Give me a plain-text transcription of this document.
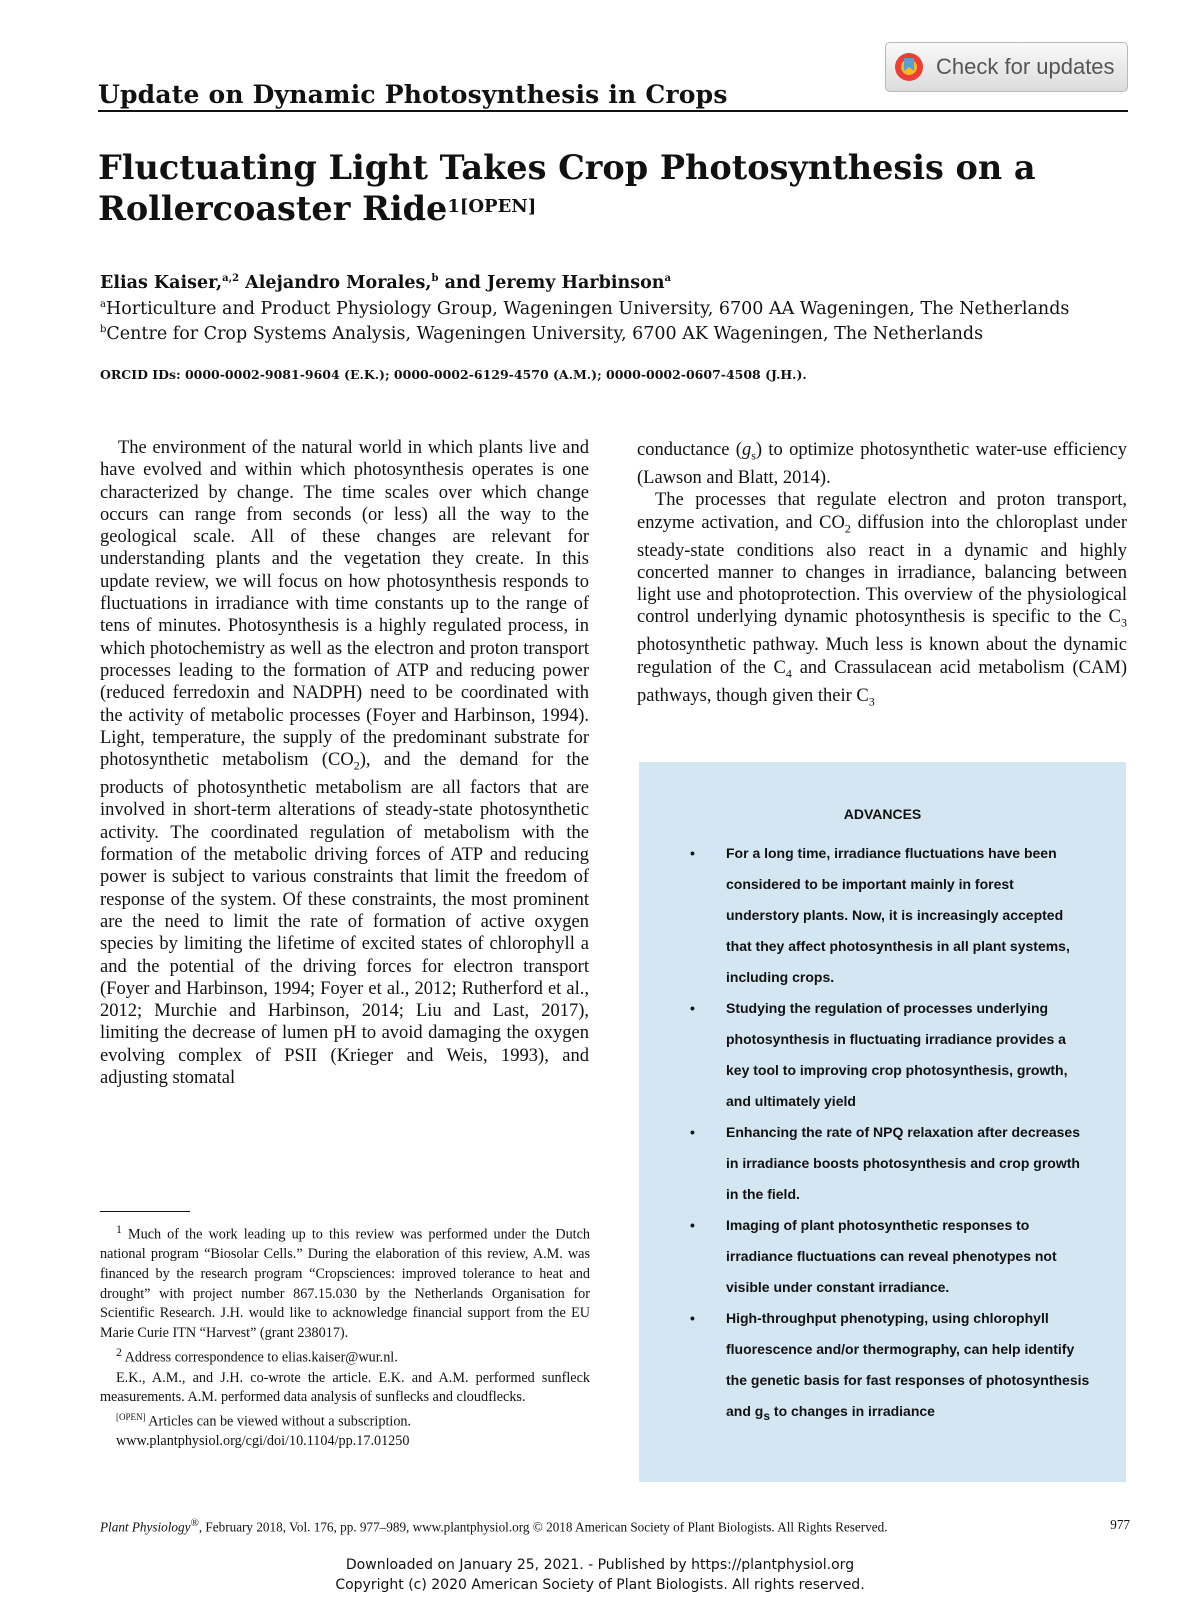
Check for updates
Update on Dynamic Photosynthesis in Crops
Fluctuating Light Takes Crop Photosynthesis on a
Rollercoaster Ride$^{1[OPEN]}$
Elias Kaiser,$^{a,2}$ Alejandro Morales,$^b$ and Jeremy Harbinson$^a$
$^a$Horticulture and Product Physiology Group, Wageningen University, 6700 AA Wageningen, The Netherlands
$^b$Centre for Crop Systems Analysis, Wageningen University, 6700 AK Wageningen, The Netherlands
ORCID IDs: 0000-0002-9081-9604 (E.K.); 0000-0002-6129-4570 (A.M.); 0000-0002-0607-4508 (J.H.).

The environment of the natural world in which plants live and have evolved and within which photosynthesis operates is one characterized by change. The time scales over which change occurs can range from seconds (or less) all the way to the geological scale. All of these changes are relevant for understanding plants and the vegetation they create. In this update review, we will focus on how photosynthesis responds to fluctuations in irradiance with time constants up to the range of tens of minutes. Photosynthesis is a highly regulated process, in which photochemistry as well as the electron and proton transport processes leading to the formation of ATP and reducing power (reduced ferredoxin and NADPH) need to be coordinated with the activity of metabolic processes (Foyer and Harbinson, 1994). Light, temperature, the supply of the predominant substrate for photosynthetic metabolism $(CO_2)$, and the demand for the products of photosynthetic metabolism are all factors that are involved in short-term alterations of steady-state photosynthetic activity. The coordinated regulation of metabolism with the formation of the metabolic driving forces of ATP and reducing power is subject to various constraints that limit the freedom of response of the system. Of these constraints, the most prominent are the need to limit the rate of formation of active oxygen species by limiting the lifetime of excited states of chlorophyll a and the potential of the driving forces for electron transport (Foyer and Harbinson, 1994; Foyer et al., 2012; Rutherford et al., 2012; Murchie and Harbinson, 2014; Liu and Last, 2017), limiting the decrease of lumen pH to avoid damaging the oxygen evolving complex of PSII (Krieger and Weis, 1993), and adjusting stomatal

conductance $(g_s)$ to optimize photosynthetic water-use efficiency (Lawson and Blatt, 2014).

The processes that regulate electron and proton transport, enzyme activation, and $CO_2$ diffusion into the chloroplast under steady-state conditions also react in a dynamic and highly concerted manner to changes in irradiance, balancing between light use and photoprotection. This overview of the physiological control underlying dynamic photosynthesis is specific to the $C_3$ photosynthetic pathway. Much less is known about the dynamic regulation of the $C_4$ and Crassulacean acid metabolism (CAM) pathways, though given their $C_3$

ADVANCES
• For a long time, irradiance fluctuations have been considered to be important mainly in forest understory plants. Now, it is increasingly accepted that they affect photosynthesis in all plant systems, including crops.
• Studying the regulation of processes underlying photosynthesis in fluctuating irradiance provides a key tool to improving crop photosynthesis, growth, and ultimately yield
• Enhancing the rate of NPQ relaxation after decreases in irradiance boosts photosynthesis and crop growth in the field.
• Imaging of plant photosynthetic responses to irradiance fluctuations can reveal phenotypes not visible under constant irradiance.
• High-throughput phenotyping, using chlorophyll fluorescence and/or thermography, can help identify the genetic basis for fast responses of photosynthesis and $g_s$ to changes in irradiance

$^1$ Much of the work leading up to this review was performed under the Dutch national program “Biosolar Cells.” During the elaboration of this review, A.M. was financed by the research program “Cropsciences: improved tolerance to heat and drought” with project number 867.15.030 by the Netherlands Organisation for Scientific Research. J.H. would like to acknowledge financial support from the EU Marie Curie ITN “Harvest” (grant 238017).

$^2$ Address correspondence to elias.kaiser@wur.nl.

E.K., A.M., and J.H. co-wrote the article. E.K. and A.M. performed sunfleck measurements. A.M. performed data analysis of sunflecks and cloudflecks.

[OPEN] Articles can be viewed without a subscription.

www.plantphysiol.org/cgi/doi/10.1104/pp.17.01250

Plant Physiology®, February 2018, Vol. 176, pp. 977–989, www.plantphysiol.org © 2018 American Society of Plant Biologists. All Rights Reserved.	977
Downloaded on January 25, 2021. - Published by https://plantphysiol.org
Copyright (c) 2020 American Society of Plant Biologists. All rights reserved.
